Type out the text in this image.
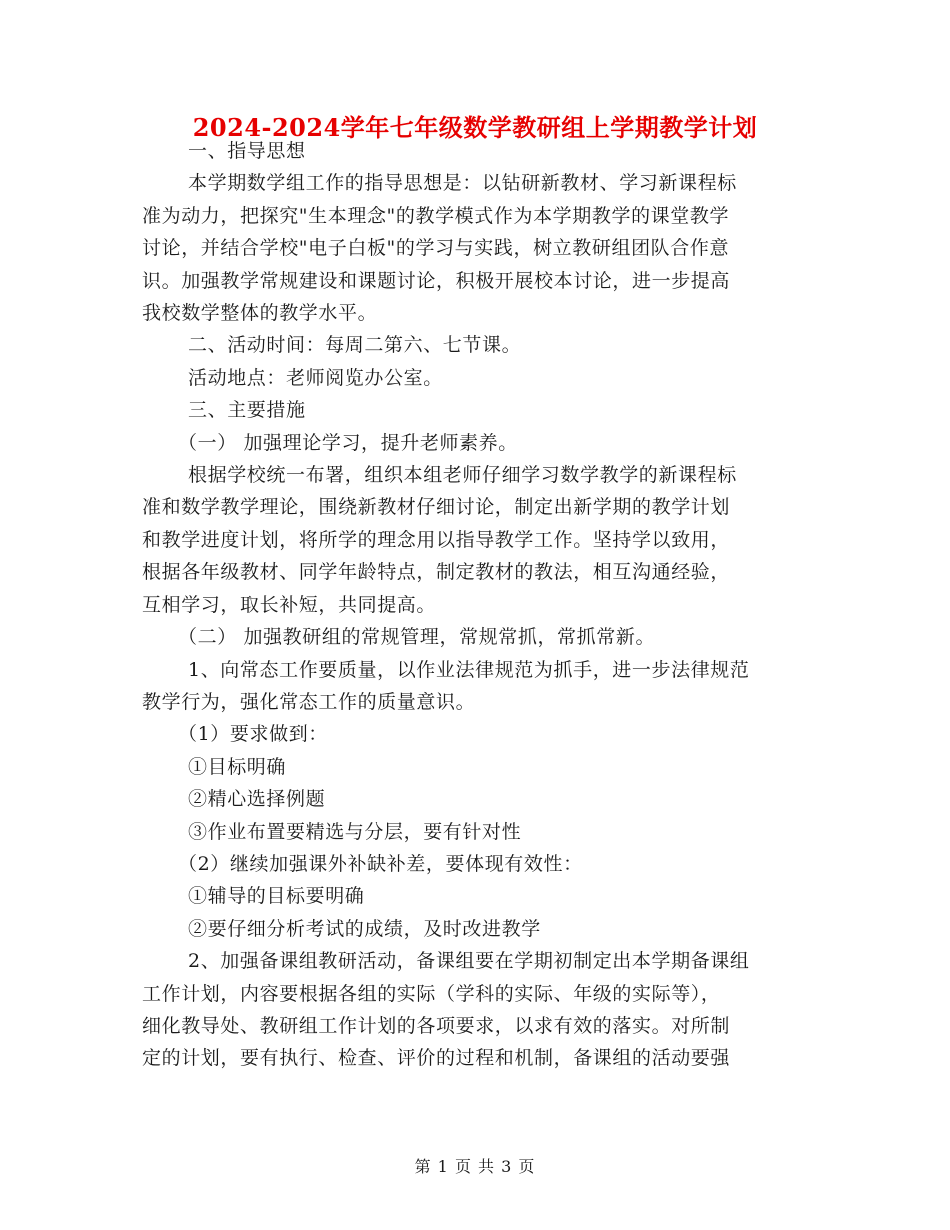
2024-2024学年七年级数学教研组上学期教学计划
一、指导思想
本学期数学组工作的指导思想是：以钻研新教材、学习新课程标
准为动力，把探究"生本理念"的教学模式作为本学期教学的课堂教学
讨论，并结合学校"电子白板"的学习与实践，树立教研组团队合作意
识。加强教学常规建设和课题讨论，积极开展校本讨论，进一步提高
我校数学整体的教学水平。
二、活动时间：每周二第六、七节课。
活动地点：老师阅览办公室。
三、主要措施
（一） 加强理论学习，提升老师素养。
根据学校统一布署，组织本组老师仔细学习数学教学的新课程标
准和数学教学理论，围绕新教材仔细讨论，制定出新学期的教学计划
和教学进度计划，将所学的理念用以指导教学工作。坚持学以致用，
根据各年级教材、同学年龄特点，制定教材的教法，相互沟通经验，
互相学习，取长补短，共同提高。
（二） 加强教研组的常规管理，常规常抓，常抓常新。
1、向常态工作要质量，以作业法律规范为抓手，进一步法律规范
教学行为，强化常态工作的质量意识。
（1）要求做到：
①目标明确
②精心选择例题
③作业布置要精选与分层，要有针对性
（2）继续加强课外补缺补差，要体现有效性：
①辅导的目标要明确
②要仔细分析考试的成绩，及时改进教学
2、加强备课组教研活动，备课组要在学期初制定出本学期备课组
工作计划，内容要根据各组的实际（学科的实际、年级的实际等），
细化教导处、教研组工作计划的各项要求，以求有效的落实。对所制
定的计划，要有执行、检查、评价的过程和机制，备课组的活动要强
第 1 页 共 3 页
